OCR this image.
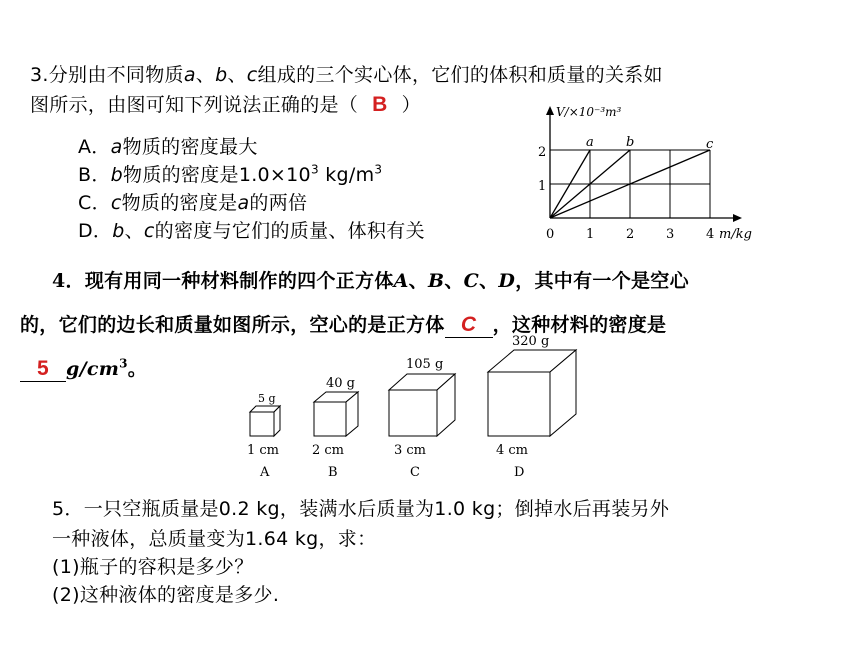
3.分别由不同物质a、b、c组成的三个实心体，它们的体积和质量的关系如
图所示，由图可知下列说法正确的是（ B ）
A．a物质的密度最大
B．b物质的密度是$1.0\times 10^3$ $kg/m^3$
C．c物质的密度是a的两倍
D．b、c的密度与它们的质量、体积有关
V/×10⁻³m³
m/kg
1
2
0 1 2 3 4
a b	c
4．现有用同一种材料制作的四个正方体A、B、C、D，其中有一个是空心
的，它们的边长和质量如图所示，空心的是正方体 C ，这种材料的密度是
5 $g/cm^3$。
5 g
1 cm
A
40 g
2 cm
B
105 g
3 cm
C
320 g
4 cm
D
5．一只空瓶质量是0.2 kg，装满水后质量为1.0 kg；倒掉水后再装另外
一种液体，总质量变为1.64 kg，求：
(1)瓶子的容积是多少？
(2)这种液体的密度是多少.
